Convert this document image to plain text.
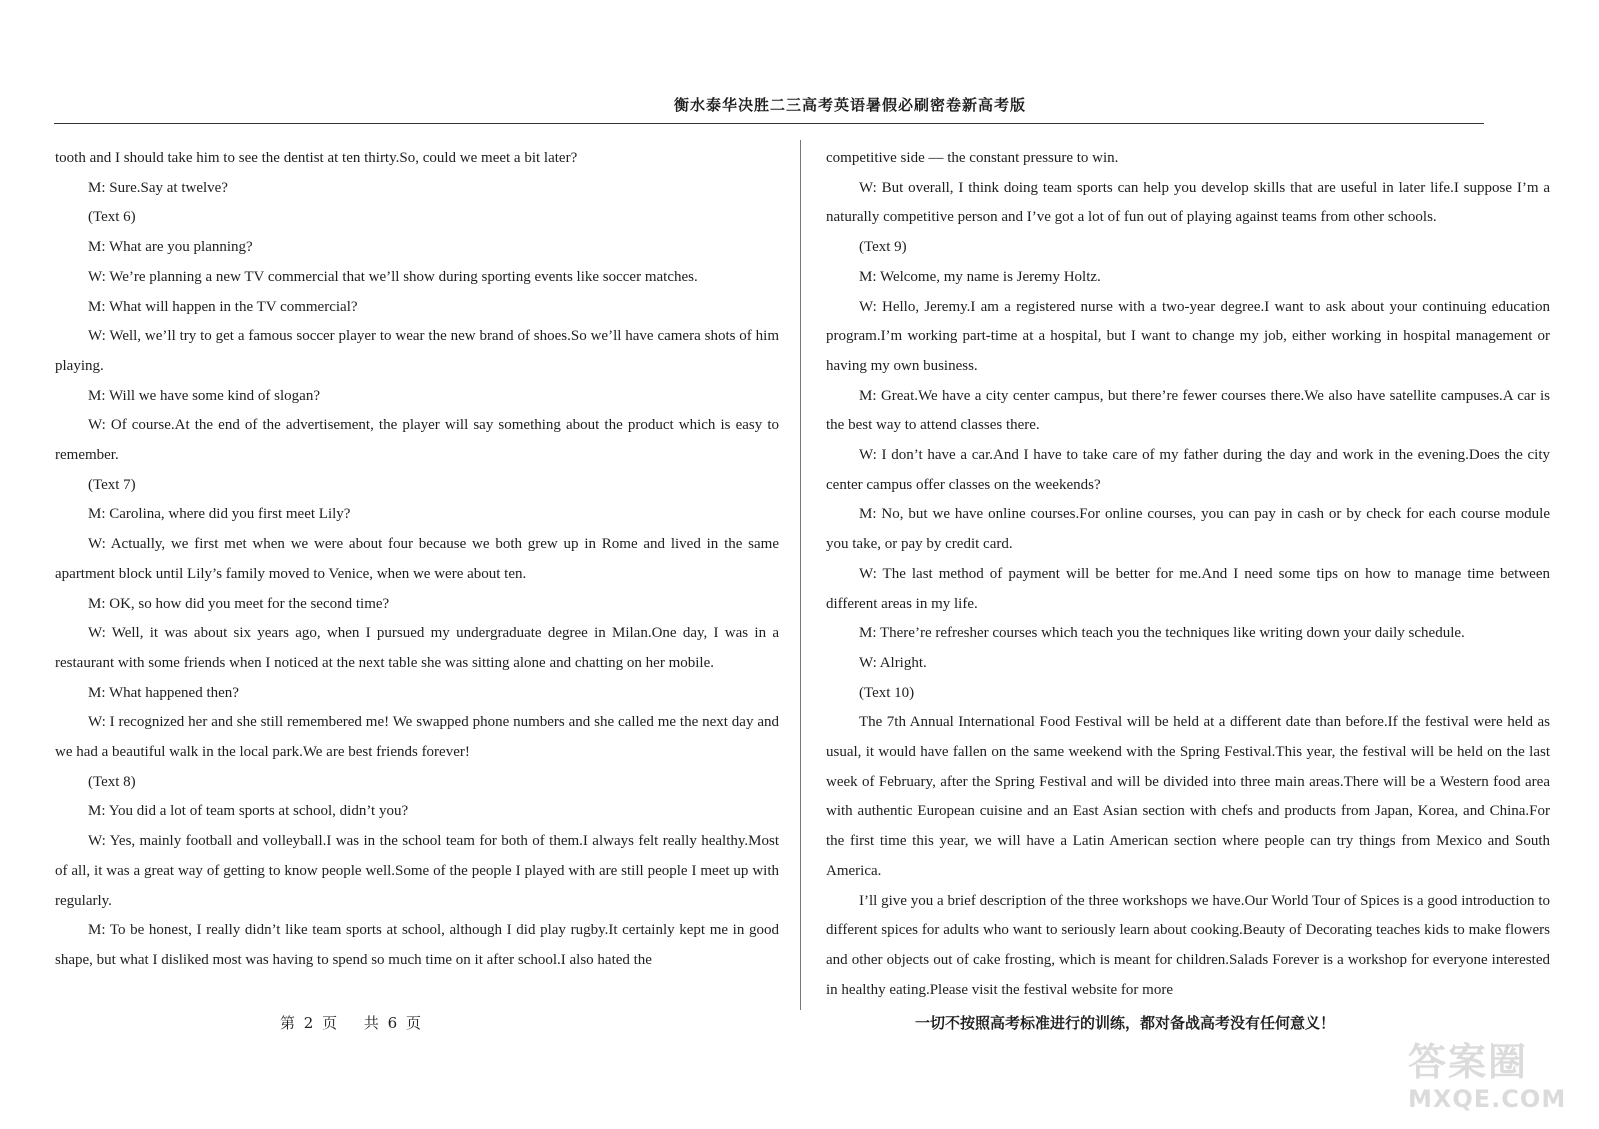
衡水泰华决胜二三高考英语暑假必刷密卷新高考版

tooth and I should take him to see the dentist at ten thirty.So, could we meet a bit later?

M: Sure.Say at twelve?

(Text 6)

M: What are you planning?

W: We’re planning a new TV commercial that we’ll show during sporting events like soccer matches.

M: What will happen in the TV commercial?

W: Well, we’ll try to get a famous soccer player to wear the new brand of shoes.So we’ll have camera shots of him playing.

M: Will we have some kind of slogan?

W: Of course.At the end of the advertisement, the player will say something about the product which is easy to remember.

(Text 7)

M: Carolina, where did you first meet Lily?

W: Actually, we first met when we were about four because we both grew up in Rome and lived in the same apartment block until Lily’s family moved to Venice, when we were about ten.

M: OK, so how did you meet for the second time?

W: Well, it was about six years ago, when I pursued my undergraduate degree in Milan.One day, I was in a restaurant with some friends when I noticed at the next table she was sitting alone and chatting on her mobile.

M: What happened then?

W: I recognized her and she still remembered me! We swapped phone numbers and she called me the next day and we had a beautiful walk in the local park.We are best friends forever!

(Text 8)

M: You did a lot of team sports at school, didn’t you?

W: Yes, mainly football and volleyball.I was in the school team for both of them.I always felt really healthy.Most of all, it was a great way of getting to know people well.Some of the people I played with are still people I meet up with regularly.

M: To be honest, I really didn’t like team sports at school, although I did play rugby.It certainly kept me in good shape, but what I disliked most was having to spend so much time on it after school.I also hated the

competitive side — the constant pressure to win.

W: But overall, I think doing team sports can help you develop skills that are useful in later life.I suppose I’m a naturally competitive person and I’ve got a lot of fun out of playing against teams from other schools.

(Text 9)

M: Welcome, my name is Jeremy Holtz.

W: Hello, Jeremy.I am a registered nurse with a two-year degree.I want to ask about your continuing education program.I’m working part-time at a hospital, but I want to change my job, either working in hospital management or having my own business.

M: Great.We have a city center campus, but there’re fewer courses there.We also have satellite campuses.A car is the best way to attend classes there.

W: I don’t have a car.And I have to take care of my father during the day and work in the evening.Does the city center campus offer classes on the weekends?

M: No, but we have online courses.For online courses, you can pay in cash or by check for each course module you take, or pay by credit card.

W: The last method of payment will be better for me.And I need some tips on how to manage time between different areas in my life.

M: There’re refresher courses which teach you the techniques like writing down your daily schedule.

W: Alright.

(Text 10)

The 7th Annual International Food Festival will be held at a different date than before.If the festival were held as usual, it would have fallen on the same weekend with the Spring Festival.This year, the festival will be held on the last week of February, after the Spring Festival and will be divided into three main areas.There will be a Western food area with authentic European cuisine and an East Asian section with chefs and products from Japan, Korea, and China.For the first time this year, we will have a Latin American section where people can try things from Mexico and South America.

I’ll give you a brief description of the three workshops we have.Our World Tour of Spices is a good introduction to different spices for adults who want to seriously learn about cooking.Beauty of Decorating teaches kids to make flowers and other objects out of cake frosting, which is meant for children.Salads Forever is a workshop for everyone interested in healthy eating.Please visit the festival website for more

第 2 页 共 6 页	一切不按照高考标准进行的训练，都对备战高考没有任何意义！
答案圈
MXQE.COM
